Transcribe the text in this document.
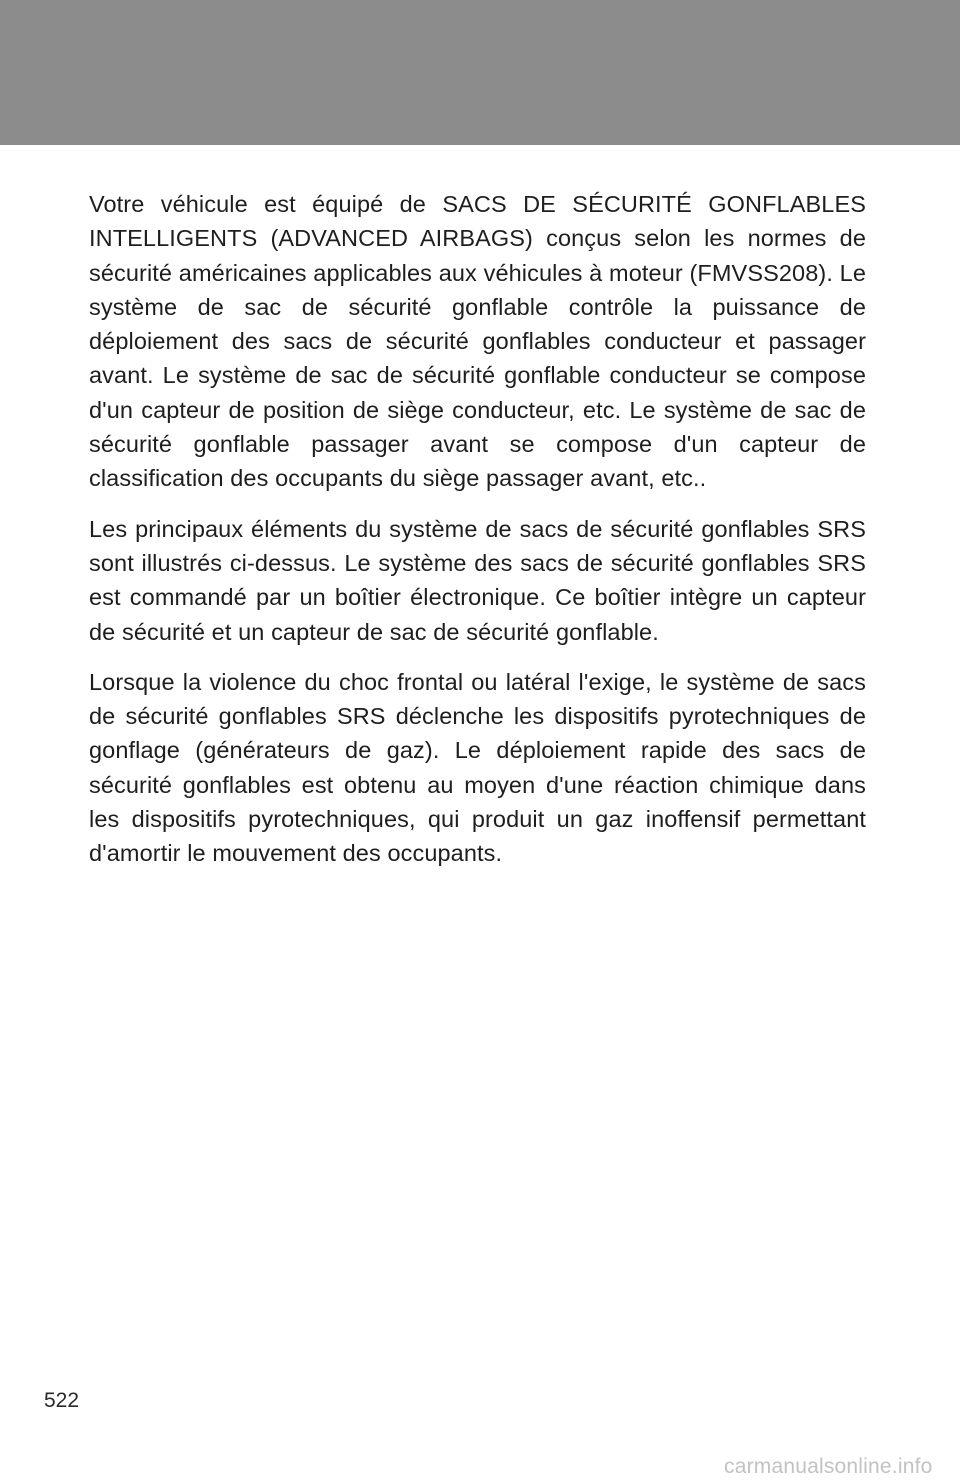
Votre véhicule est équipé de SACS DE SÉCURITÉ GONFLABLES INTELLIGENTS (ADVANCED AIRBAGS) conçus selon les normes de sécurité américaines applicables aux véhicules à moteur (FMVSS208). Le système de sac de sécurité gonflable contrôle la puissance de déploiement des sacs de sécurité gonflables conducteur et passager avant. Le système de sac de sécurité gonflable conducteur se compose d'un capteur de position de siège conducteur, etc. Le système de sac de sécurité gonflable passager avant se compose d'un capteur de classification des occupants du siège passager avant, etc..

Les principaux éléments du système de sacs de sécurité gonflables SRS sont illustrés ci-dessus. Le système des sacs de sécurité gonflables SRS est commandé par un boîtier électronique. Ce boîtier intègre un capteur de sécurité et un capteur de sac de sécurité gonflable.

Lorsque la violence du choc frontal ou latéral l'exige, le système de sacs de sécurité gonflables SRS déclenche les dispositifs pyrotechniques de gonflage (générateurs de gaz). Le déploiement rapide des sacs de sécurité gonflables est obtenu au moyen d'une réaction chimique dans les dispositifs pyrotechniques, qui produit un gaz inoffensif permettant d'amortir le mouvement des occupants.

522
carmanualsonline.info
